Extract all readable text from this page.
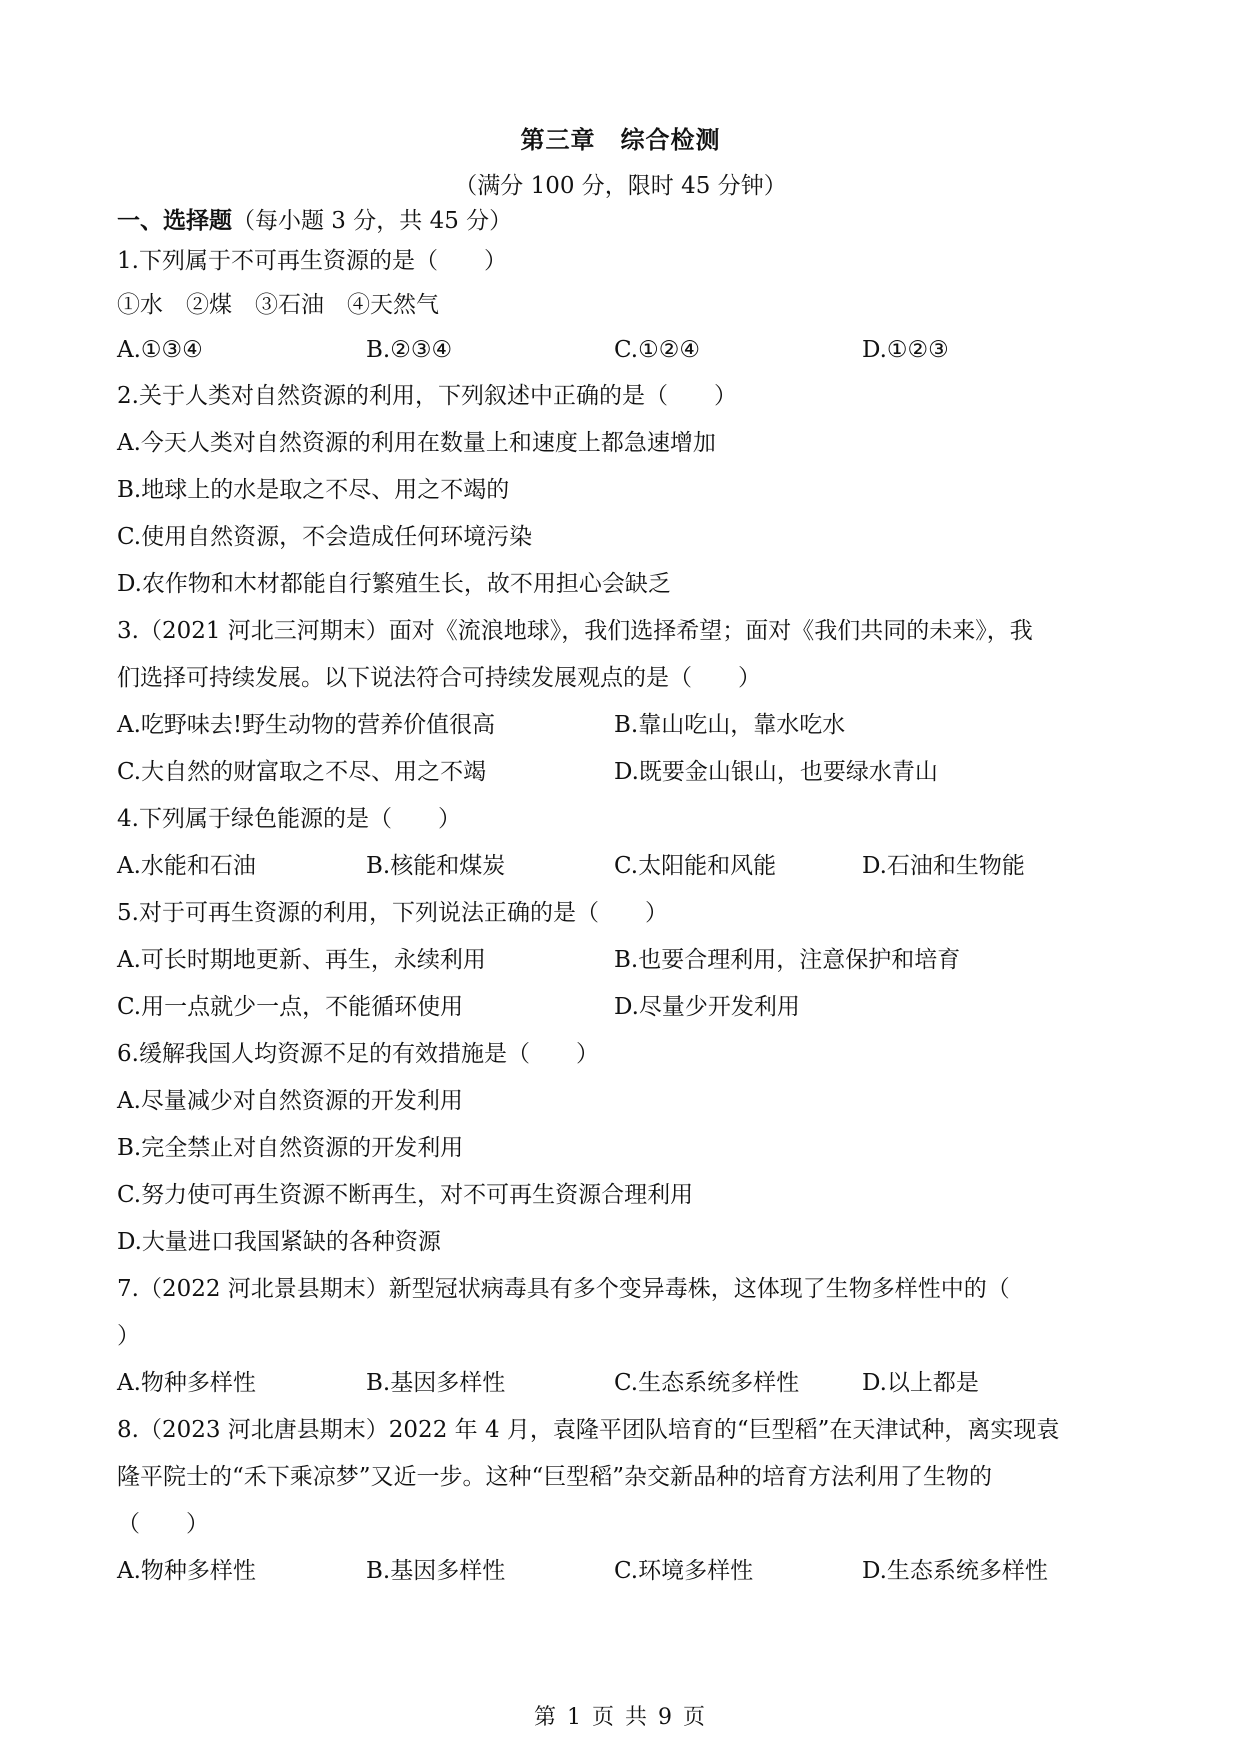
第三章　综合检测
（满分 100 分，限时 45 分钟）
一、选择题（每小题 3 分，共 45 分）
1.下列属于不可再生资源的是（　　）
①水　②煤　③石油　④天然气
A.①③④	B.②③④	C.①②④	D.①②③
2.关于人类对自然资源的利用，下列叙述中正确的是（　　）
A.今天人类对自然资源的利用在数量上和速度上都急速增加
B.地球上的水是取之不尽、用之不竭的
C.使用自然资源，不会造成任何环境污染
D.农作物和木材都能自行繁殖生长，故不用担心会缺乏
3.（2021 河北三河期末）面对《流浪地球》，我们选择希望；面对《我们共同的未来》，我
们选择可持续发展。以下说法符合可持续发展观点的是（　　）
A.吃野味去!野生动物的营养价值很高	B.靠山吃山，靠水吃水
C.大自然的财富取之不尽、用之不竭	D.既要金山银山，也要绿水青山
4.下列属于绿色能源的是（　　）
A.水能和石油	B.核能和煤炭	C.太阳能和风能	D.石油和生物能
5.对于可再生资源的利用，下列说法正确的是（　　）
A.可长时期地更新、再生，永续利用	B.也要合理利用，注意保护和培育
C.用一点就少一点，不能循环使用	D.尽量少开发利用
6.缓解我国人均资源不足的有效措施是（　　）
A.尽量减少对自然资源的开发利用
B.完全禁止对自然资源的开发利用
C.努力使可再生资源不断再生，对不可再生资源合理利用
D.大量进口我国紧缺的各种资源
7.（2022 河北景县期末）新型冠状病毒具有多个变异毒株，这体现了生物多样性中的（
）
A.物种多样性	B.基因多样性	C.生态系统多样性	D.以上都是
8.（2023 河北唐县期末）2022 年 4 月，袁隆平团队培育的“巨型稻”在天津试种，离实现袁
隆平院士的“禾下乘凉梦”又近一步。这种“巨型稻”杂交新品种的培育方法利用了生物的
（　　）
A.物种多样性	B.基因多样性	C.环境多样性	D.生态系统多样性
第 1 页 共 9 页
